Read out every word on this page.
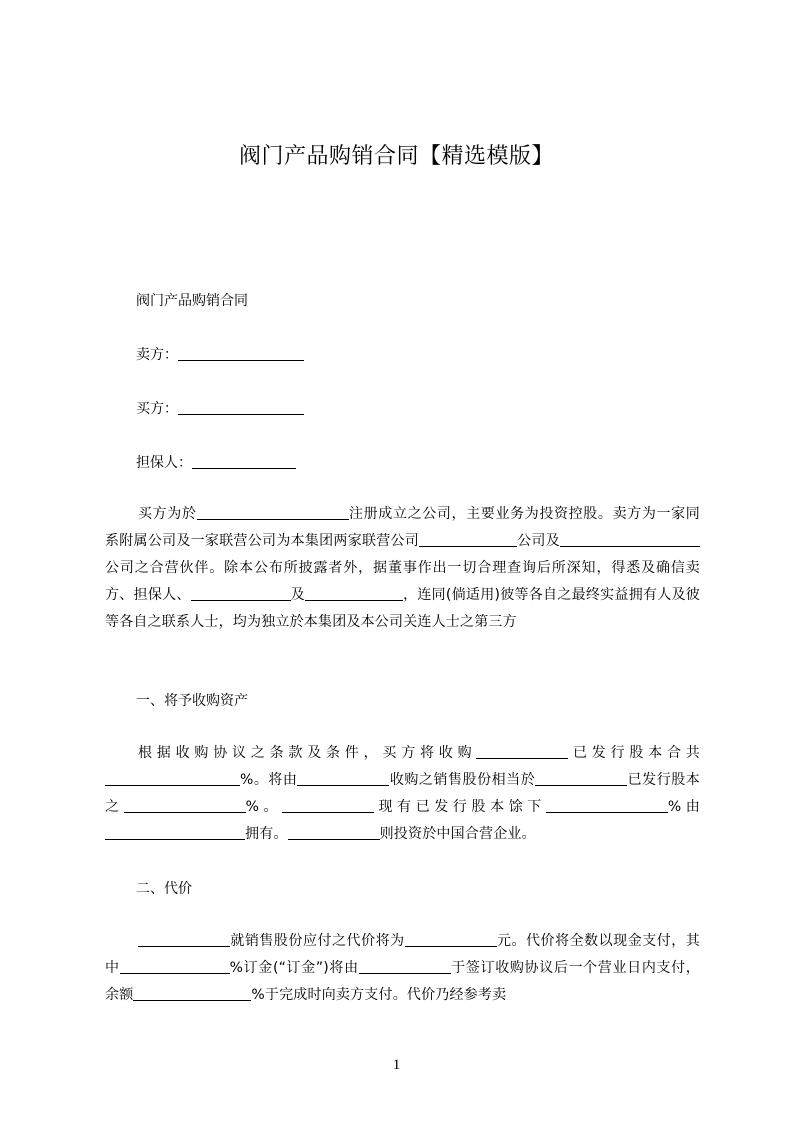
阀门产品购销合同【精选模版】
阀门产品购销合同
卖方：
买方：
担保人：
买方为於	注册成立之公司，主要业务为投资控股。卖方为一家同系附属公司及一家联营公司为本集团两家联营公司	公司及公司之合营伙伴。除本公布所披露者外，据董事作出一切合理查询后所深知，得悉及确信卖方、担保人、	及	，连同(倘适用)彼等各自之最终实益拥有人及彼等各自之联系人士，均为独立於本集团及本公司关连人士之第三方
一、将予收购资产
根据收购协议之条款及条件，买方将收购	已发行股本合共%。将由	收购之销售股份相当於	已发行股本之	%。	现有已发行股本馀下	%由拥有。	则投资於中国合营企业。
二、代价
就销售股份应付之代价将为	元。代价将全数以现金支付，其中	%订金(“订金”)将由	于签订收购协议后一个营业日内支付，余额	%于完成时向卖方支付。代价乃经参考卖
1
